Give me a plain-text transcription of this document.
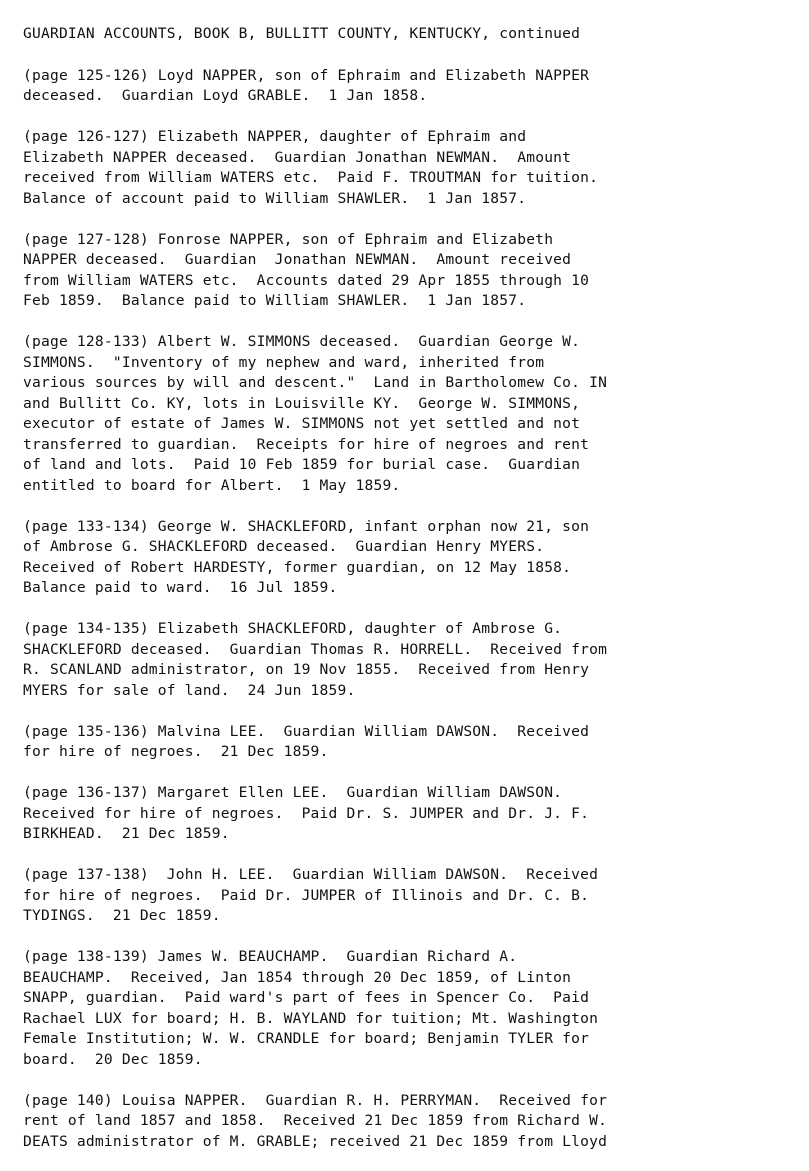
GUARDIAN ACCOUNTS, BOOK B, BULLITT COUNTY, KENTUCKY, continued
(page 125-126) Loyd NAPPER, son of Ephraim and Elizabeth NAPPER
deceased.  Guardian Loyd GRABLE.  1 Jan 1858.
(page 126-127) Elizabeth NAPPER, daughter of Ephraim and
Elizabeth NAPPER deceased.  Guardian Jonathan NEWMAN.  Amount
received from William WATERS etc.  Paid F. TROUTMAN for tuition.
Balance of account paid to William SHAWLER.  1 Jan 1857.
(page 127-128) Fonrose NAPPER, son of Ephraim and Elizabeth
NAPPER deceased.  Guardian  Jonathan NEWMAN.  Amount received
from William WATERS etc.  Accounts dated 29 Apr 1855 through 10
Feb 1859.  Balance paid to William SHAWLER.  1 Jan 1857.
(page 128-133) Albert W. SIMMONS deceased.  Guardian George W.
SIMMONS.  "Inventory of my nephew and ward, inherited from
various sources by will and descent."  Land in Bartholomew Co. IN
and Bullitt Co. KY, lots in Louisville KY.  George W. SIMMONS,
executor of estate of James W. SIMMONS not yet settled and not
transferred to guardian.  Receipts for hire of negroes and rent
of land and lots.  Paid 10 Feb 1859 for burial case.  Guardian
entitled to board for Albert.  1 May 1859.
(page 133-134) George W. SHACKLEFORD, infant orphan now 21, son
of Ambrose G. SHACKLEFORD deceased.  Guardian Henry MYERS.
Received of Robert HARDESTY, former guardian, on 12 May 1858.
Balance paid to ward.  16 Jul 1859.
(page 134-135) Elizabeth SHACKLEFORD, daughter of Ambrose G.
SHACKLEFORD deceased.  Guardian Thomas R. HORRELL.  Received from
R. SCANLAND administrator, on 19 Nov 1855.  Received from Henry
MYERS for sale of land.  24 Jun 1859.
(page 135-136) Malvina LEE.  Guardian William DAWSON.  Received
for hire of negroes.  21 Dec 1859.
(page 136-137) Margaret Ellen LEE.  Guardian William DAWSON.
Received for hire of negroes.  Paid Dr. S. JUMPER and Dr. J. F.
BIRKHEAD.  21 Dec 1859.
(page 137-138)  John H. LEE.  Guardian William DAWSON.  Received
for hire of negroes.  Paid Dr. JUMPER of Illinois and Dr. C. B.
TYDINGS.  21 Dec 1859.
(page 138-139) James W. BEAUCHAMP.  Guardian Richard A.
BEAUCHAMP.  Received, Jan 1854 through 20 Dec 1859, of Linton
SNAPP, guardian.  Paid ward's part of fees in Spencer Co.  Paid
Rachael LUX for board; H. B. WAYLAND for tuition; Mt. Washington
Female Institution; W. W. CRANDLE for board; Benjamin TYLER for
board.  20 Dec 1859.
(page 140) Louisa NAPPER.  Guardian R. H. PERRYMAN.  Received for
rent of land 1857 and 1858.  Received 21 Dec 1859 from Richard W.
DEATS administrator of M. GRABLE; received 21 Dec 1859 from Lloyd
